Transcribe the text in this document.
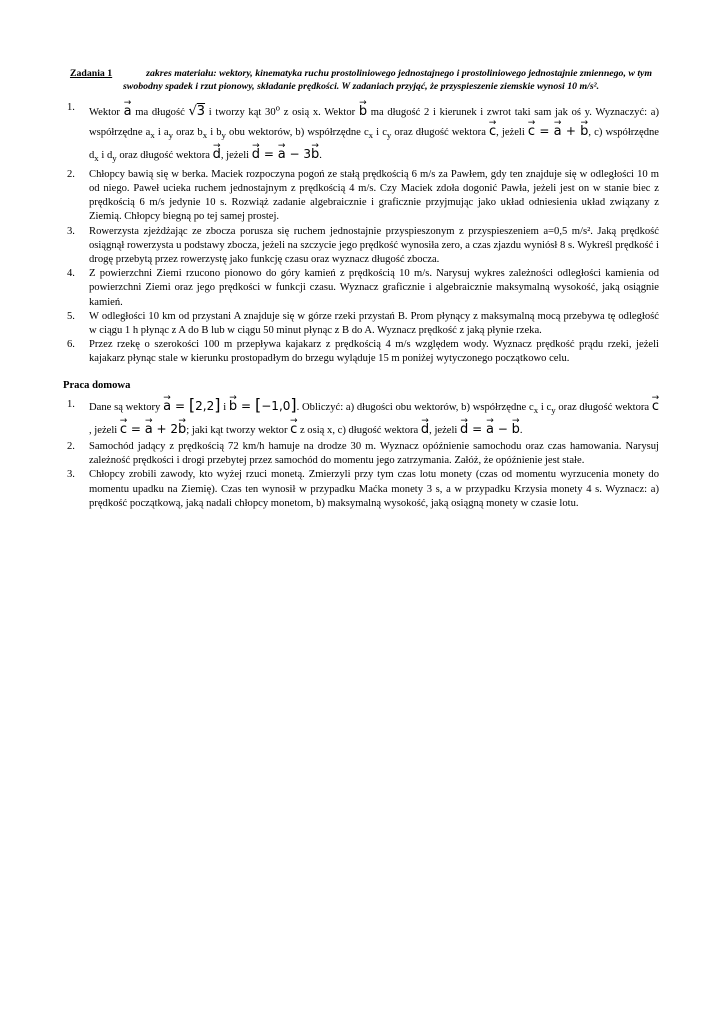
Zadania 1	zakres materiału: wektory, kinematyka ruchu prostoliniowego jednostajnego i prostoliniowego jednostajnie zmiennego, w tym swobodny spadek i rzut pionowy, składanie prędkości. W zadaniach przyjąć, że przyspieszenie ziemskie wynosi 10 m/s².
1. Wektor → a ma długość √3 i tworzy kąt 30$^o$ z osią x. Wektor → b ma długość 2 i kierunek i zwrot taki sam jak oś y. Wyznaczyć: a) współrzędne $a_x$ i $a_y$ oraz $b_x$ i $b_y$ obu wektorów, b) współrzędne $c_x$ i $c_y$ oraz długość wektora → c, jeżeli → c = → a + → b, c) współrzędne $d_x$ i $d_y$ oraz długość wektora → d, jeżeli → d = → a − 3→ b.
2. Chłopcy bawią się w berka. Maciek rozpoczyna pogoń ze stałą prędkością 6 m/s za Pawłem, gdy ten znajduje się w odległości 10 m od niego. Paweł ucieka ruchem jednostajnym z prędkością 4 m/s. Czy Maciek zdoła dogonić Pawła, jeżeli jest on w stanie biec z prędkością 6 m/s jedynie 10 s. Rozwiąż zadanie algebraicznie i graficznie przyjmując jako układ odniesienia układ związany z Ziemią. Chłopcy biegną po tej samej prostej.
3. Rowerzysta zjeżdżając ze zbocza porusza się ruchem jednostajnie przyspieszonym z przyspieszeniem a=0,5 m/s². Jaką prędkość osiągnął rowerzysta u podstawy zbocza, jeżeli na szczycie jego prędkość wynosiła zero, a czas zjazdu wyniósł 8 s. Wykreśl prędkość i drogę przebytą przez rowerzystę jako funkcję czasu oraz wyznacz długość zbocza.
4. Z powierzchni Ziemi rzucono pionowo do góry kamień z prędkością 10 m/s. Narysuj wykres zależności odległości kamienia od powierzchni Ziemi oraz jego prędkości w funkcji czasu. Wyznacz graficznie i algebraicznie maksymalną wysokość, jaką osiągnie kamień.
5. W odległości 10 km od przystani A znajduje się w górze rzeki przystań B. Prom płynący z maksymalną mocą przebywa tę odległość w ciągu 1 h płynąc z A do B lub w ciągu 50 minut płynąc z B do A. Wyznacz prędkość z jaką płynie rzeka.
6. Przez rzekę o szerokości 100 m przepływa kajakarz z prędkością 4 m/s względem wody. Wyznacz prędkość prądu rzeki, jeżeli kajakarz płynąc stale w kierunku prostopadłym do brzegu wyląduje 15 m poniżej wytyczonego początkowo celu.
Praca domowa
1. Dane są wektory → a = [2,2] i → b = [−1,0]. Obliczyć: a) długości obu wektorów, b) współrzędne $c_x$ i $c_y$ oraz długość wektora → c, jeżeli → c = → a + 2→ b; jaki kąt tworzy wektor → c z osią x, c) długość wektora → d, jeżeli → d = → a − → b.
2. Samochód jadący z prędkością 72 km/h hamuje na drodze 30 m. Wyznacz opóźnienie samochodu oraz czas hamowania. Narysuj zależność prędkości i drogi przebytej przez samochód do momentu jego zatrzymania. Załóż, że opóźnienie jest stałe.
3. Chłopcy zrobili zawody, kto wyżej rzuci monetą. Zmierzyli przy tym czas lotu monety (czas od momentu wyrzucenia monety do momentu upadku na Ziemię). Czas ten wynosił w przypadku Maćka monety 3 s, a w przypadku Krzysia monety 4 s. Wyznacz: a) prędkość początkową, jaką nadali chłopcy monetom, b) maksymalną wysokość, jaką osiągną monety w czasie lotu.
